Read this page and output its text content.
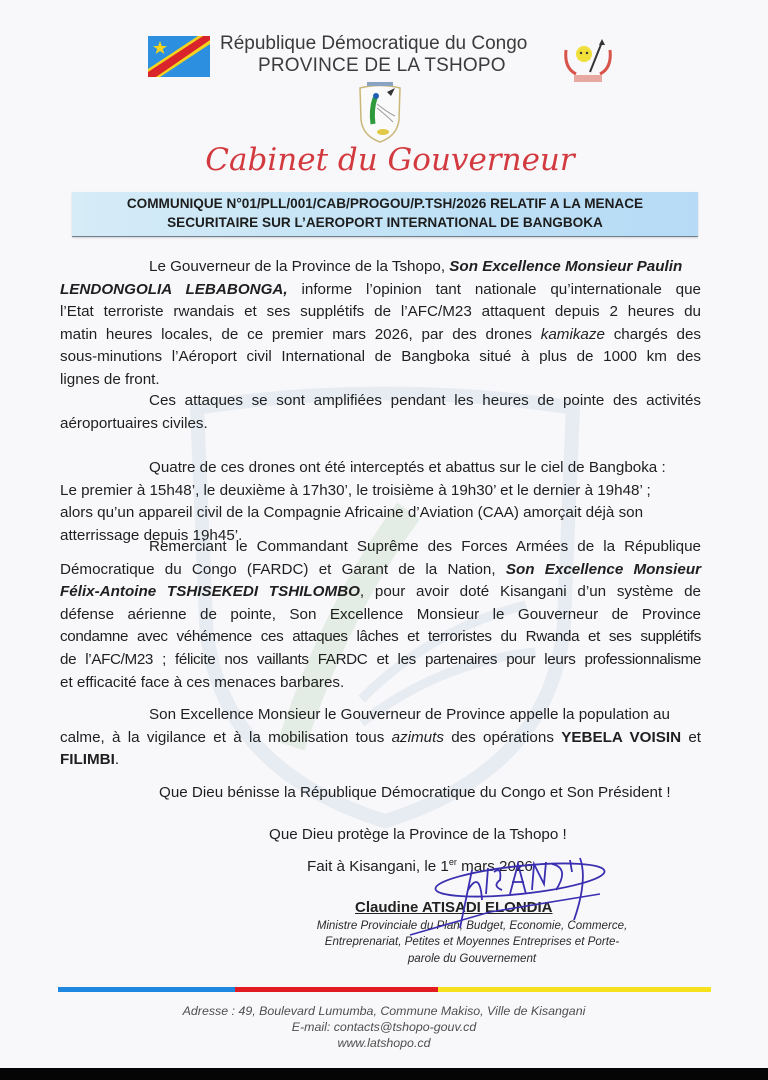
République Démocratique du Congo
PROVINCE DE LA TSHOPO
Cabinet du Gouverneur
COMMUNIQUE N°01/PLL/001/CAB/PROGOU/P.TSH/2026 RELATIF A LA MENACE
SECURITAIRE SUR L’AEROPORT INTERNATIONAL DE BANGBOKA
Le Gouverneur de la Province de la Tshopo, Son Excellence Monsieur Paulin
LENDONGOLIA LEBABONGA, informe l’opinion tant nationale qu’internationale que
l’Etat terroriste rwandais et ses supplétifs de l’AFC/M23 attaquent depuis 2 heures du
matin heures locales, de ce premier mars 2026, par des drones kamikaze chargés des
sous-minutions l’Aéroport civil International de Bangboka situé à plus de 1000 km des
lignes de front.
Ces attaques se sont amplifiées pendant les heures de pointe des activités
aéroportuaires civiles.
Quatre de ces drones ont été interceptés et abattus sur le ciel de Bangboka :
Le premier à 15h48’, le deuxième à 17h30’, le troisième à 19h30’ et le dernier à 19h48’ ;
alors qu’un appareil civil de la Compagnie Africaine d’Aviation (CAA) amorçait déjà son
atterrissage depuis 19h45’.
Remerciant le Commandant Suprême des Forces Armées de la République
Démocratique du Congo (FARDC) et Garant de la Nation, Son Excellence Monsieur
Félix-Antoine TSHISEKEDI TSHILOMBO, pour avoir doté Kisangani d’un système de
défense aérienne de pointe, Son Excellence Monsieur le Gouverneur de Province
condamne avec véhémence ces attaques lâches et terroristes du Rwanda et ses supplétifs
de l’AFC/M23 ; félicite nos vaillants FARDC et les partenaires pour leurs professionnalisme
et efficacité face à ces menaces barbares.
Son Excellence Monsieur le Gouverneur de Province appelle la population au
calme, à la vigilance et à la mobilisation tous azimuts des opérations YEBELA VOISIN et
FILIMBI.
Que Dieu bénisse la République Démocratique du Congo et Son Président !
Que Dieu protège la Province de la Tshopo !
Fait à Kisangani, le 1er mars 2026
Claudine ATISADI ELONDIA
Ministre Provinciale du Plan, Budget, Economie, Commerce,
Entreprenariat, Petites et Moyennes Entreprises et Porte-
parole du Gouvernement
Adresse : 49, Boulevard Lumumba, Commune Makiso, Ville de Kisangani
E-mail: contacts@tshopo-gouv.cd
www.latshopo.cd
